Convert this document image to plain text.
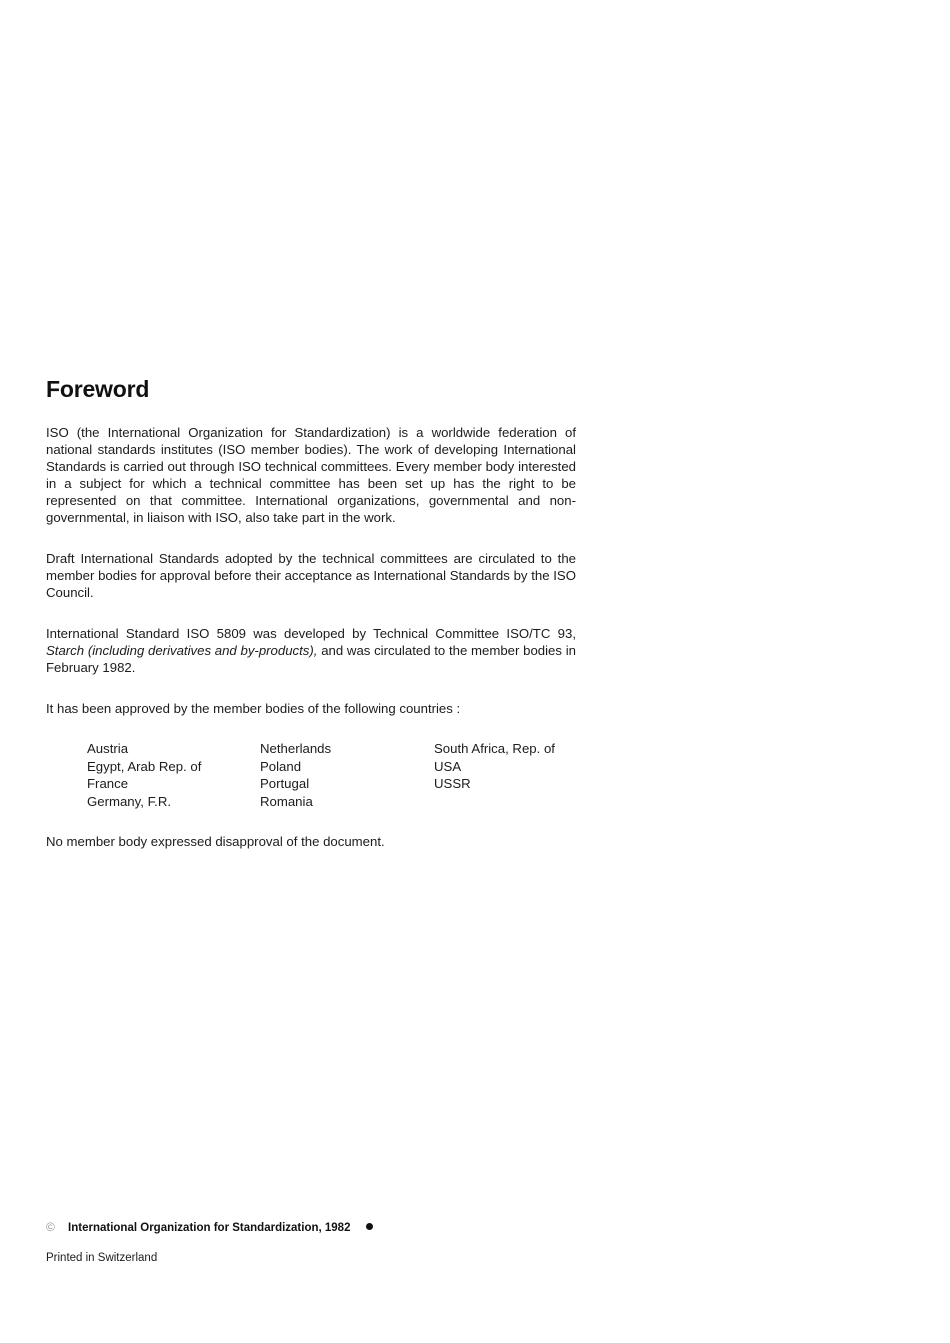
Foreword
ISO (the International Organization for Standardization) is a worldwide federation of national standards institutes (ISO member bodies). The work of developing International Standards is carried out through ISO technical committees. Every member body interested in a subject for which a technical committee has been set up has the right to be represented on that committee. International organizations, governmental and non-governmental, in liaison with ISO, also take part in the work.
Draft International Standards adopted by the technical committees are circulated to the member bodies for approval before their acceptance as International Standards by the ISO Council.
International Standard ISO 5809 was developed by Technical Committee ISO/TC 93, Starch (including derivatives and by-products), and was circulated to the member bodies in February 1982.
It has been approved by the member bodies of the following countries :
Austria
Egypt, Arab Rep. of
France
Germany, F.R.
Netherlands
Poland
Portugal
Romania
South Africa, Rep. of
USA
USSR
No member body expressed disapproval of the document.
© International Organization for Standardization, 1982
Printed in Switzerland
